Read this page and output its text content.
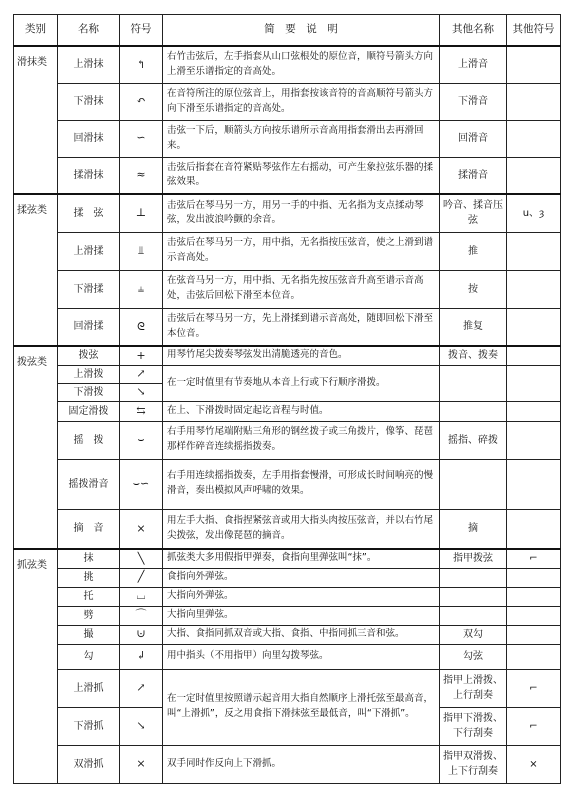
类别	名称	符号	简　要　说　明	其他名称	其他符号
滑抹类	上滑抹	↰	右竹击弦后，左手指套从山口弦根处的原位音，顺符号箭头方向上滑至乐谱指定的音高处。	上滑音	
	下滑抹	↶	在音符所注的原位弦音上，用指套按该音符的音高顺符号箭头方向下滑至乐谱指定的音高处。	下滑音	
	回滑抹	∽	击弦一下后，顺箭头方向按乐谱所示音高用指套滑出去再滑回来。	回滑音	
	揉滑抹	≈	击弦后指套在音符紧贴琴弦作左右摇动，可产生象拉弦乐器的揉弦效果。	揉滑音	
揉弦类	揉　弦	⊥	击弦后在琴马另一方，用另一手的中指、无名指为支点揉动琴弦，发出波浪吟颤的余音。	吟音、揉音压弦	u、ȝ
	上滑揉	⫫	击弦后在琴马另一方，用中指，无名指按压弦音，使之上滑到谱示音高处。	推	
	下滑揉	⫨	在弦音马另一方，用中指、无名指先按压弦音升高至谱示音高处，击弦后回松下滑至本位音。	按	
	回滑揉	ᘓ	击弦后在琴马另一方，先上滑揉到谱示音高处，随即回松下滑至本位音。	推复	
拨弦类	拨弦	+	用琴竹尾尖拨奏琴弦发出清脆透亮的音色。	拨音、拨奏	
	上滑拨	↗	在一定时值里有节奏地从本音上行或下行顺序滑拨。		
	下滑拨	↘			
	固定滑拨	⇆	在上、下滑拨时固定起讫音程与时值。		
	摇　拨	⌣	右手用琴竹尾端附贴三角形的钢丝拨子或三角拨片，像筝、琵琶那样作碎音连续摇指拨奏。	摇指、碎拨	
	摇拨滑音	⌣∽	右手用连续摇指拨奏，左手用指套慢滑，可形成长时间响亮的慢滑音，奏出模拟风声呼啸的效果。		
	摘　音	×	用左手大指、食指捏紧弦音或用大指头肉按压弦音，并以右竹尾尖拨弦，发出像琵琶的摘音。	摘	
抓弦类	抹	╲	抓弦类大多用假指甲弹奏，食指向里弹弦叫“抹”。	指甲拨弦	⌐
	挑	╱	食指向外弹弦。		
	托	⌴	大指向外弹弦。		
	劈	⌒	大指向里弹弦。		
	撮	⊍	大指、食指同抓双音或大指、食指、中指同抓三音和弦。	双勾	
	勾	↲	用中指头（不用指甲）向里勾拨琴弦。	勾弦	
	上滑抓	↗	在一定时值里按照谱示起音用大指自然顺序上滑托弦至最高音，叫“上滑抓”，反之用食指下滑抹弦至最低音，叫“下滑抓”。	指甲上滑拨、上行刮奏	⌐
	下滑抓	↘		指甲下滑拨、下行刮奏	⌐
	双滑抓	⨯	双手同时作反向上下滑抓。	指甲双滑拨、上下行刮奏	⨯
